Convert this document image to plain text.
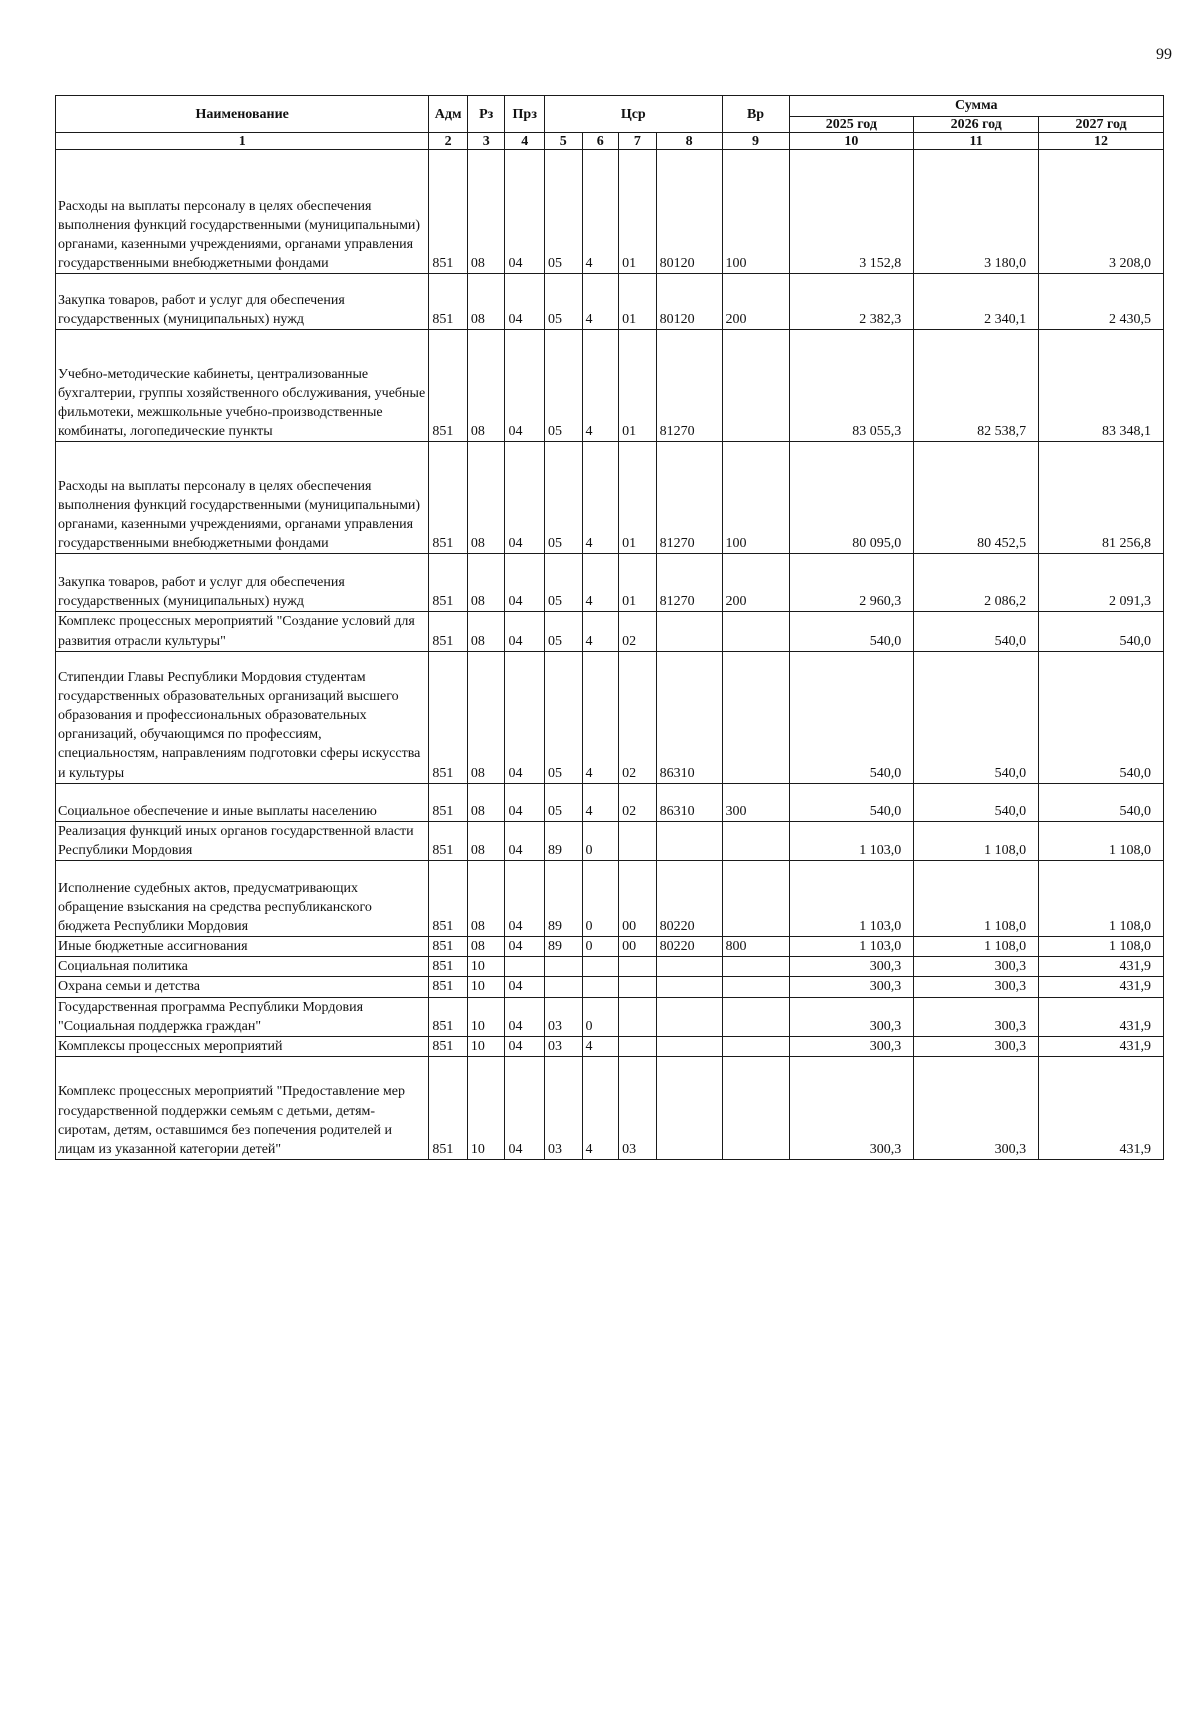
99
Наименование	Адм	Рз	Прз	Цср				Вр	Сумма		
									2025 год	2026 год	2027 год
1	2	3	4	5	6	7	8	9	10	11	12
Расходы на выплаты персоналу в целях обеспечения выполнения функций государственными (муниципальными) органами, казенными учреждениями, органами управления государственными внебюджетными фондами	851	08	04	05	4	01	80120	100	3 152,8	3 180,0	3 208,0
Закупка товаров, работ и услуг для обеспечения государственных (муниципальных) нужд	851	08	04	05	4	01	80120	200	2 382,3	2 340,1	2 430,5
Учебно-методические кабинеты, централизованные бухгалтерии, группы хозяйственного обслуживания, учебные фильмотеки, межшкольные учебно-производственные комбинаты, логопедические пункты	851	08	04	05	4	01	81270		83 055,3	82 538,7	83 348,1
Расходы на выплаты персоналу в целях обеспечения выполнения функций государственными (муниципальными) органами, казенными учреждениями, органами управления государственными внебюджетными фондами	851	08	04	05	4	01	81270	100	80 095,0	80 452,5	81 256,8
Закупка товаров, работ и услуг для обеспечения государственных (муниципальных) нужд	851	08	04	05	4	01	81270	200	2 960,3	2 086,2	2 091,3
Комплекс процессных мероприятий "Создание условий для развития отрасли культуры"	851	08	04	05	4	02			540,0	540,0	540,0
Стипендии Главы Республики Мордовия студентам государственных образовательных организаций высшего образования и профессиональных образовательных организаций, обучающимся по профессиям, специальностям, направлениям подготовки сферы искусства и культуры	851	08	04	05	4	02	86310		540,0	540,0	540,0
Социальное обеспечение и иные выплаты населению	851	08	04	05	4	02	86310	300	540,0	540,0	540,0
Реализация функций иных органов государственной власти Республики Мордовия	851	08	04	89	0				1 103,0	1 108,0	1 108,0
Исполнение судебных актов, предусматривающих обращение взыскания на средства республиканского бюджета Республики Мордовия	851	08	04	89	0	00	80220		1 103,0	1 108,0	1 108,0
Иные бюджетные ассигнования	851	08	04	89	0	00	80220	800	1 103,0	1 108,0	1 108,0
Социальная политика	851	10							300,3	300,3	431,9
Охрана семьи и детства	851	10	04						300,3	300,3	431,9
Государственная программа Республики Мордовия "Социальная поддержка граждан"	851	10	04	03	0				300,3	300,3	431,9
Комплексы процессных мероприятий	851	10	04	03	4				300,3	300,3	431,9
Комплекс процессных мероприятий "Предоставление мер государственной поддержки семьям с детьми, детям-сиротам, детям, оставшимся без попечения родителей и лицам из указанной категории детей"	851	10	04	03	4	03			300,3	300,3	431,9
